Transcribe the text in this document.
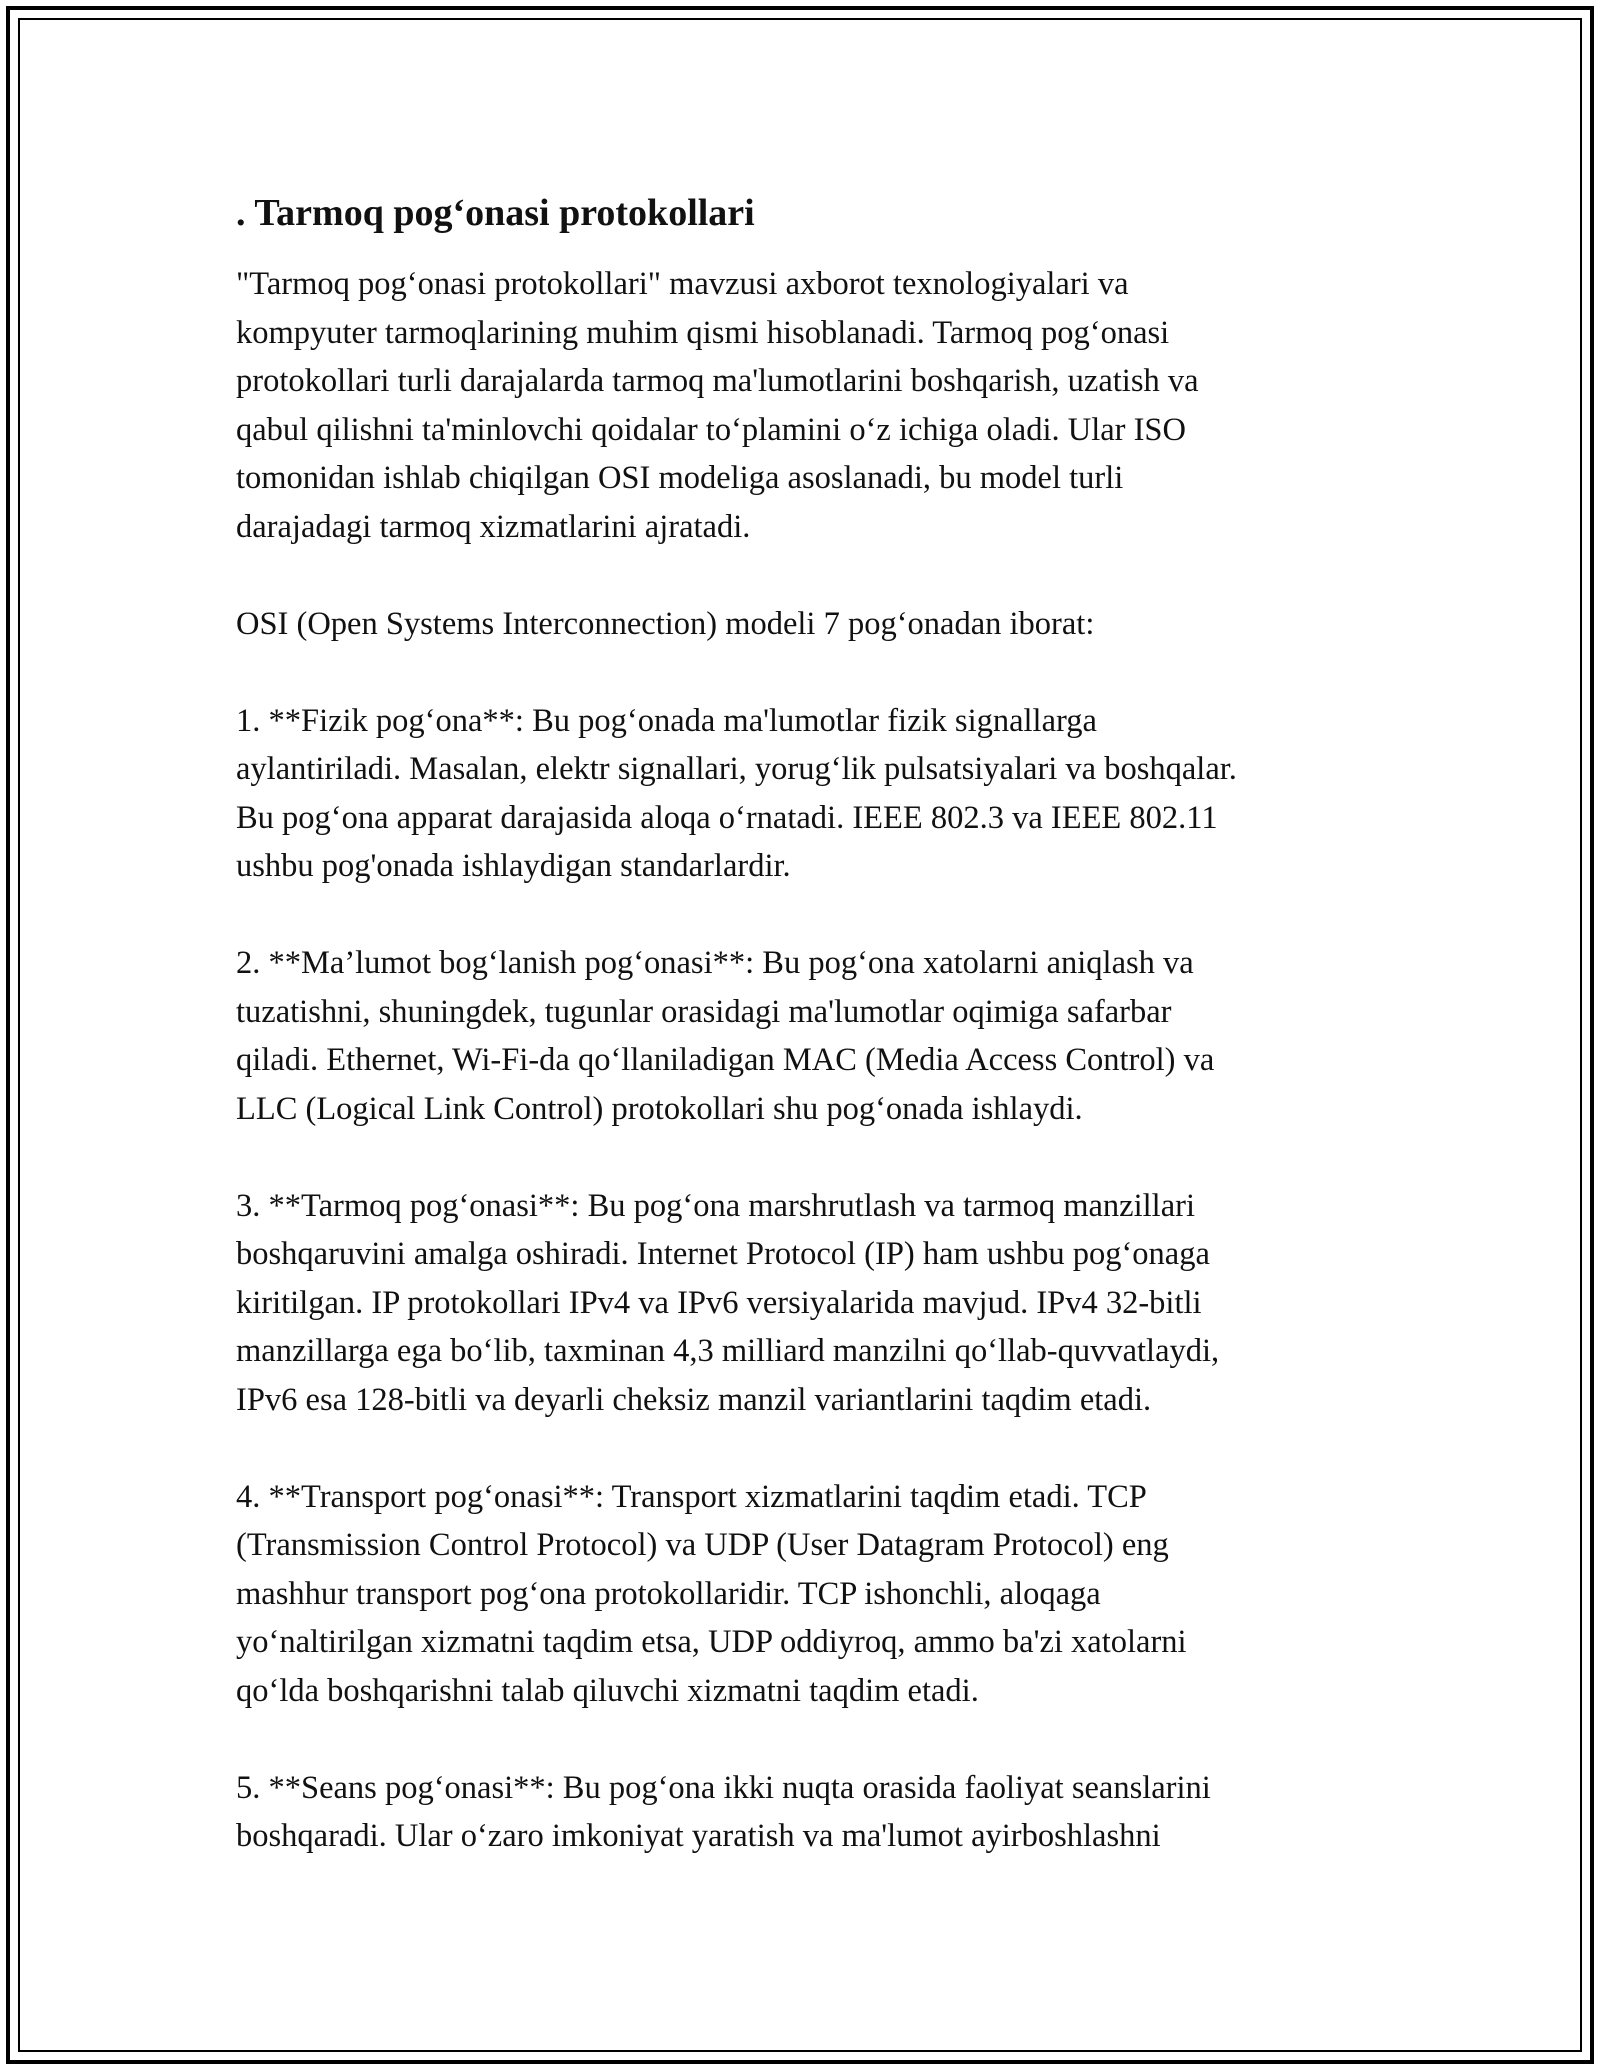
. Tarmoq pog‘onasi protokollari

"Tarmoq pog‘onasi protokollari" mavzusi axborot texnologiyalari va
kompyuter tarmoqlarining muhim qismi hisoblanadi. Tarmoq pog‘onasi
protokollari turli darajalarda tarmoq ma'lumotlarini boshqarish, uzatish va
qabul qilishni ta'minlovchi qoidalar to‘plamini o‘z ichiga oladi. Ular ISO
tomonidan ishlab chiqilgan OSI modeliga asoslanadi, bu model turli
darajadagi tarmoq xizmatlarini ajratadi.

OSI (Open Systems Interconnection) modeli 7 pog‘onadan iborat:

1. **Fizik pog‘ona**: Bu pog‘onada ma'lumotlar fizik signallarga
aylantiriladi. Masalan, elektr signallari, yorug‘lik pulsatsiyalari va boshqalar.
Bu pog‘ona apparat darajasida aloqa o‘rnatadi. IEEE 802.3 va IEEE 802.11
ushbu pog'onada ishlaydigan standarlardir.

2. **Ma’lumot bog‘lanish pog‘onasi**: Bu pog‘ona xatolarni aniqlash va
tuzatishni, shuningdek, tugunlar orasidagi ma'lumotlar oqimiga safarbar
qiladi. Ethernet, Wi-Fi-da qo‘llaniladigan MAC (Media Access Control) va
LLC (Logical Link Control) protokollari shu pog‘onada ishlaydi.

3. **Tarmoq pog‘onasi**: Bu pog‘ona marshrutlash va tarmoq manzillari
boshqaruvini amalga oshiradi. Internet Protocol (IP) ham ushbu pog‘onaga
kiritilgan. IP protokollari IPv4 va IPv6 versiyalarida mavjud. IPv4 32-bitli
manzillarga ega bo‘lib, taxminan 4,3 milliard manzilni qo‘llab-quvvatlaydi,
IPv6 esa 128-bitli va deyarli cheksiz manzil variantlarini taqdim etadi.

4. **Transport pog‘onasi**: Transport xizmatlarini taqdim etadi. TCP
(Transmission Control Protocol) va UDP (User Datagram Protocol) eng
mashhur transport pog‘ona protokollaridir. TCP ishonchli, aloqaga
yo‘naltirilgan xizmatni taqdim etsa, UDP oddiyroq, ammo ba'zi xatolarni
qo‘lda boshqarishni talab qiluvchi xizmatni taqdim etadi.

5. **Seans pog‘onasi**: Bu pog‘ona ikki nuqta orasida faoliyat seanslarini
boshqaradi. Ular o‘zaro imkoniyat yaratish va ma'lumot ayirboshlashni
